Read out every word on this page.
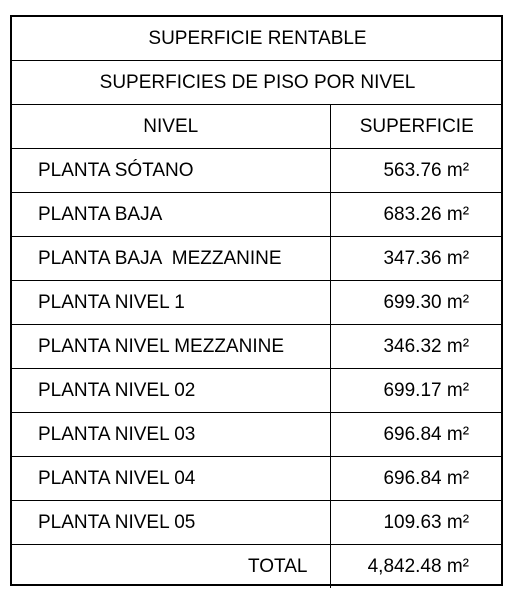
SUPERFICIE RENTABLE	
SUPERFICIES DE PISO POR NIVEL	
NIVEL	SUPERFICIE
PLANTA SÓTANO	563.76 m²
PLANTA BAJA	683.26 m²
PLANTA BAJA  MEZZANINE	347.36 m²
PLANTA NIVEL 1	699.30 m²
PLANTA NIVEL MEZZANINE	346.32 m²
PLANTA NIVEL 02	699.17 m²
PLANTA NIVEL 03	696.84 m²
PLANTA NIVEL 04	696.84 m²
PLANTA NIVEL 05	109.63 m²
TOTAL	4,842.48 m²
